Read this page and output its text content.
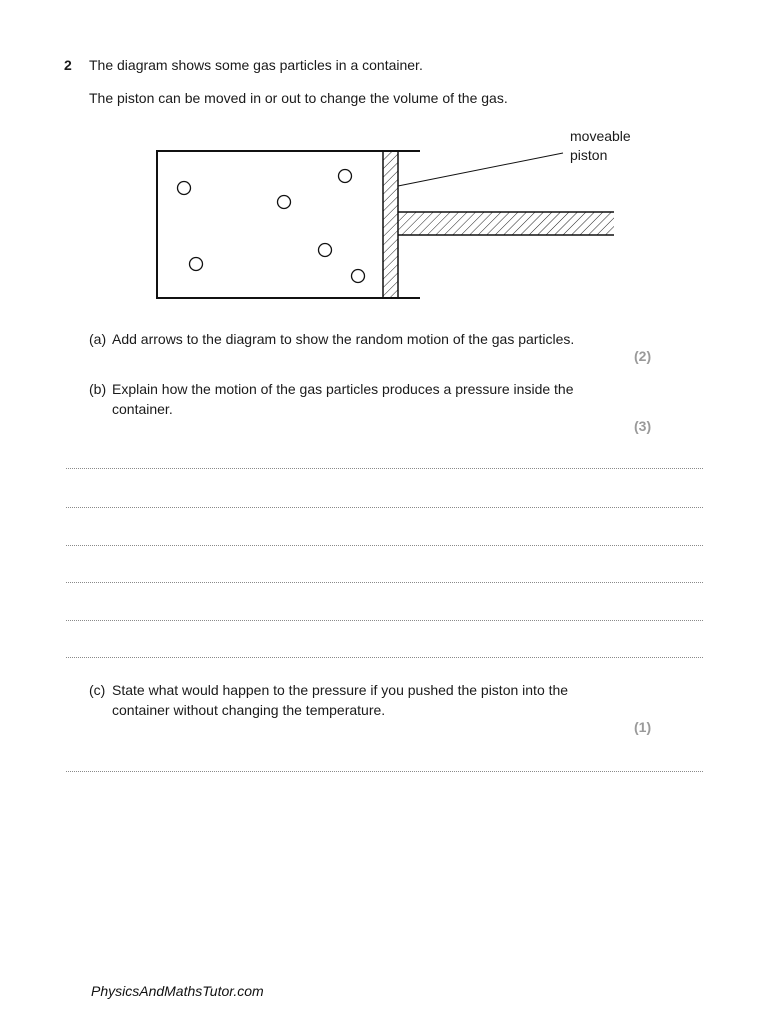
2 The diagram shows some gas particles in a container.
The piston can be moved in or out to change the volume of the gas.
moveable
piston
(a) Add arrows to the diagram to show the random motion of the gas particles.
(2)
(b) Explain how the motion of the gas particles produces a pressure inside the
container.
(3)
(c) State what would happen to the pressure if you pushed the piston into the
container without changing the temperature.
(1)
PhysicsAndMathsTutor.com
